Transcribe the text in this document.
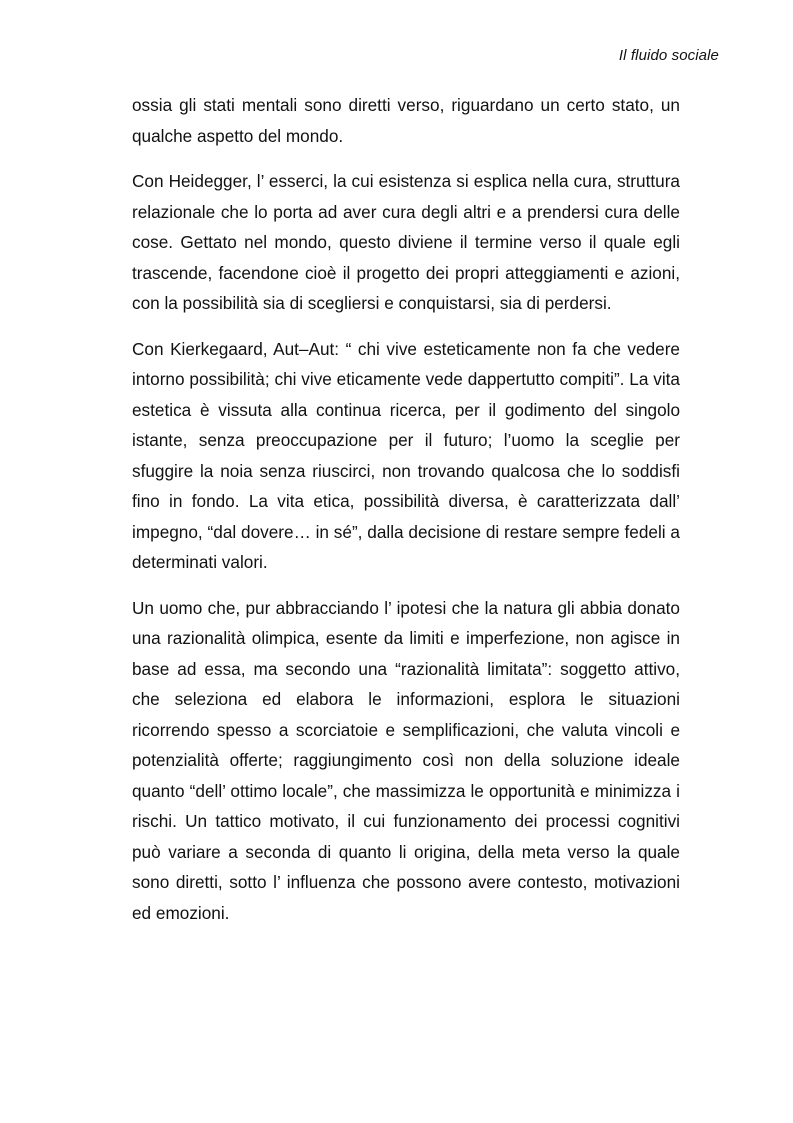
Il fluido sociale

ossia gli stati mentali sono diretti verso, riguardano un certo stato, un qualche aspetto del mondo.

Con Heidegger, l’ esserci, la cui esistenza si esplica nella cura, struttura relazionale che lo porta ad aver cura degli altri e a prendersi cura delle cose. Gettato nel mondo, questo diviene il termine verso il quale egli trascende, facendone cioè il progetto dei propri atteggiamenti e azioni, con la possibilità sia di scegliersi e conquistarsi, sia di perdersi.

Con Kierkegaard, Aut–Aut: “ chi vive esteticamente non fa che vedere intorno possibilità; chi vive eticamente vede dappertutto compiti”. La vita estetica è vissuta alla continua ricerca, per il godimento del singolo istante, senza preoccupazione per il futuro; l’uomo la sceglie per sfuggire la noia senza riuscirci, non trovando qualcosa che lo soddisfi fino in fondo. La vita etica, possibilità diversa, è caratterizzata dall’ impegno, “dal dovere… in sé”, dalla decisione di restare sempre fedeli a determinati valori.

Un uomo che, pur abbracciando l’ ipotesi che la natura gli abbia donato una razionalità olimpica, esente da limiti e imperfezione, non agisce in base ad essa, ma secondo una “razionalità limitata”: soggetto attivo, che seleziona ed elabora le informazioni, esplora le situazioni ricorrendo spesso a scorciatoie e semplificazioni, che valuta vincoli e potenzialità offerte; raggiungimento così non della soluzione ideale quanto “dell’ ottimo locale”, che massimizza le opportunità e minimizza i rischi. Un tattico motivato, il cui funzionamento dei processi cognitivi può variare a seconda di quanto li origina, della meta verso la quale sono diretti, sotto l’ influenza che possono avere contesto, motivazioni ed emozioni.
